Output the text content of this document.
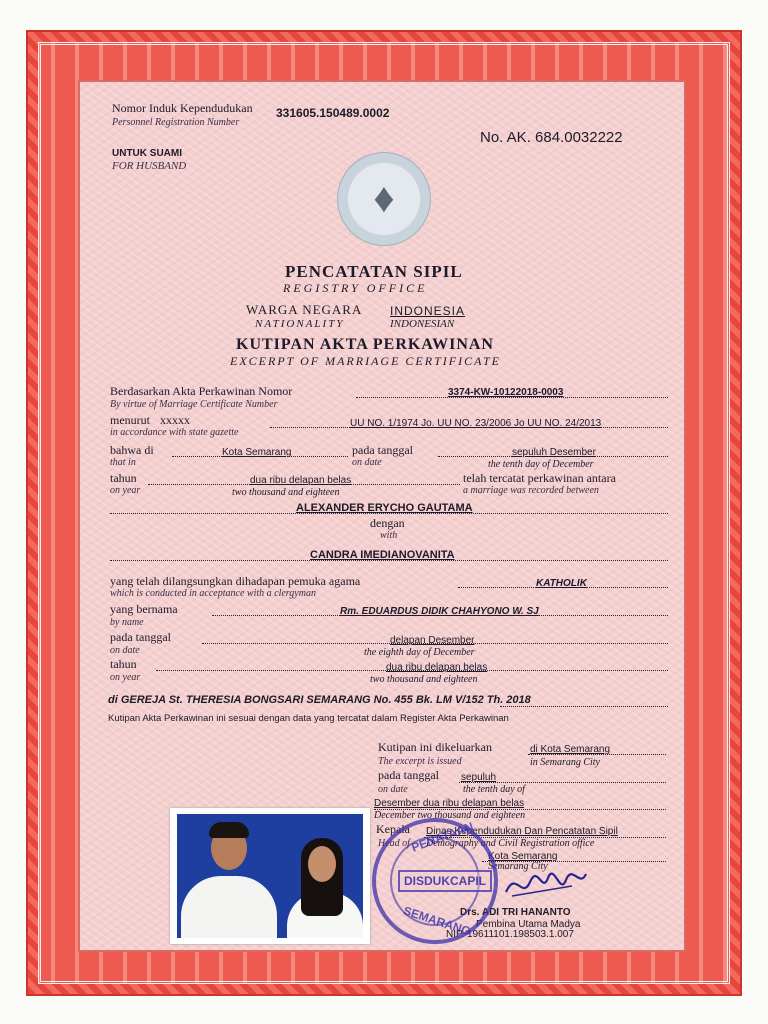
Nomor Induk Kependudukan
Personnel Registration Number
331605.150489.0002
No. AK. 684.0032222
UNTUK SUAMI
FOR HUSBAND
♦
PENCATATAN SIPIL
REGISTRY OFFICE
WARGA NEGARA INDONESIA
NATIONALITY	INDONESIAN
KUTIPAN AKTA PERKAWINAN
EXCERPT OF MARRIAGE CERTIFICATE
Berdasarkan Akta Perkawinan Nomor
By virtue of Marriage Certificate Number
3374-KW-10122018-0003
menurut xxxxx
in accordance with state gazette
UU NO. 1/1974 Jo. UU NO. 23/2006 Jo UU NO. 24/2013
bahwa di
that in
Kota Semarang	pada tanggal
on date
sepuluh Desember
the tenth day of December
tahun
on year
dua ribu delapan belas
two thousand and eighteen
telah tercatat perkawinan antara
a marriage was recorded between
ALEXANDER ERYCHO GAUTAMA
dengan
with
CANDRA IMEDIANOVANITA
yang telah dilangsungkan dihadapan pemuka agama
which is conducted in acceptance with a clergyman
KATHOLIK
yang bernama
by name
Rm. EDUARDUS DIDIK CHAHYONO W. SJ
pada tanggal
on date
delapan Desember
the eighth day of December
tahun
on year
dua ribu delapan belas
two thousand and eighteen
di GEREJA St. THERESIA BONGSARI SEMARANG No. 455 Bk. LM V/152 Th. 2018
Kutipan Akta Perkawinan ini sesuai dengan data yang tercatat dalam Register Akta Perkawinan
Kutipan ini dikeluarkan	di Kota Semarang
The excerpt is issued	in Semarang City
pada tanggal sepuluh
on date	the tenth day of
Desember dua ribu delapan belas
December two thousand and eighteen
Kepala Dinas Kependudukan Dan Pencatatan Sipil
Head of Demography and Civil Registration office
Kota Semarang
Semarang City
Drs. ADI TRI HANANTO
Pembina Utama Madya
NIP. 19611101.198503.1.007
PENATAAN
DISDUKCAPIL
SEMARANG
